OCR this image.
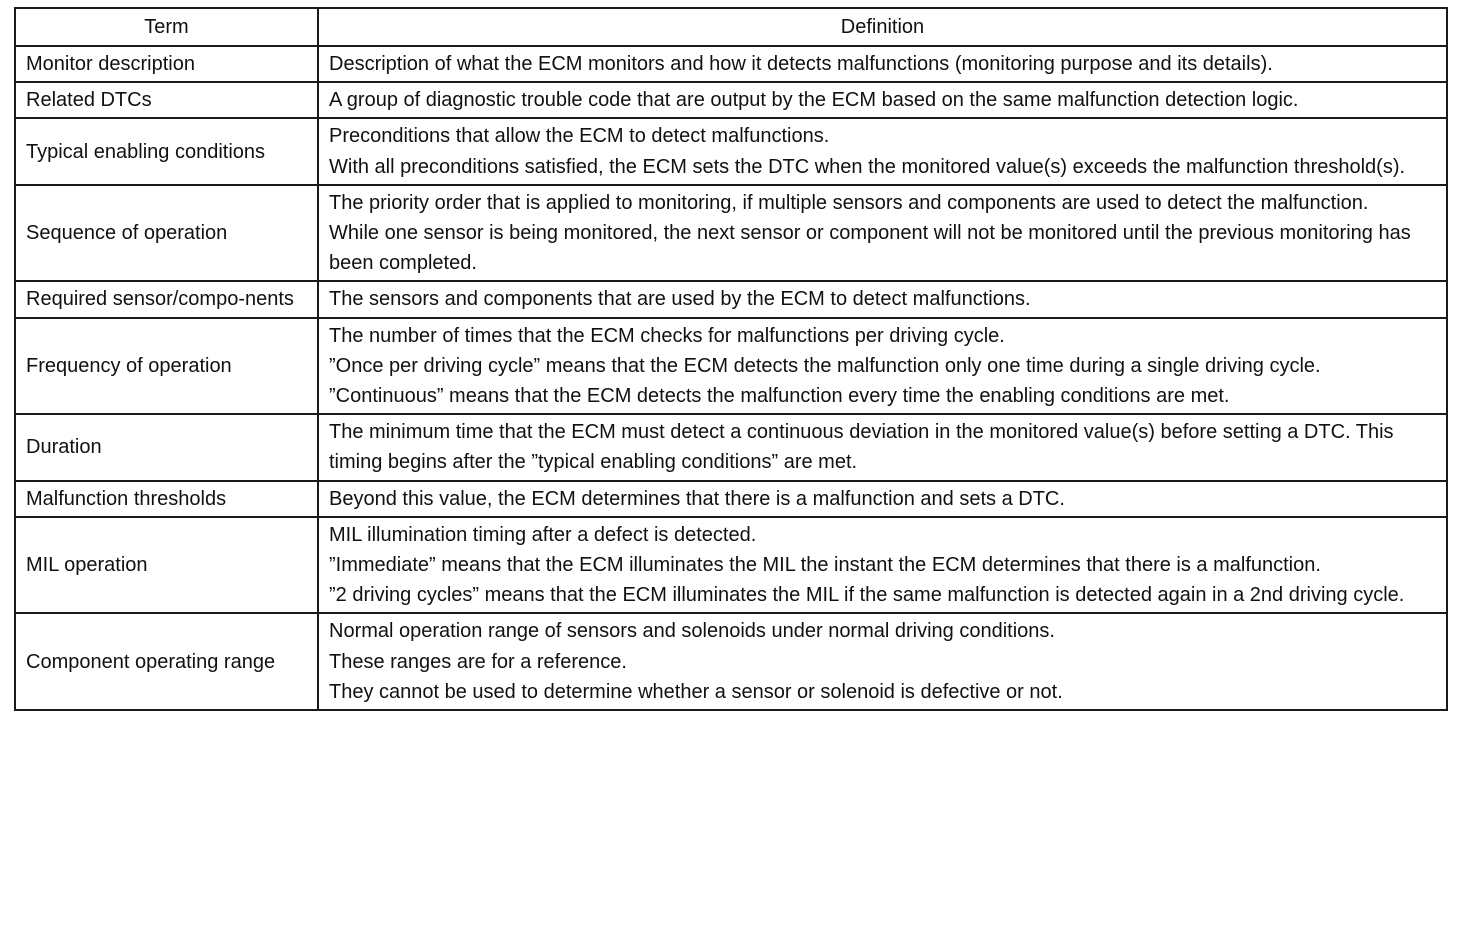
Term	Definition
Monitor description	Description of what the ECM monitors and how it detects malfunctions (monitoring purpose and its details).

Related DTCs	A group of diagnostic trouble code that are output by the ECM based on the same malfunction detection logic.

Typical enabling conditions	Preconditions that allow the ECM to detect malfunctions.
With all preconditions satisfied, the ECM sets the DTC when the monitored value(s) exceeds the malfunction threshold(s).

Sequence of operation	The priority order that is applied to monitoring, if multiple sensors and components are used to detect the malfunction.
While one sensor is being monitored, the next sensor or component will not be monitored until the previous monitoring has been completed.

Required sensor/compo-nents	The sensors and components that are used by the ECM to detect malfunctions.

Frequency of operation	The number of times that the ECM checks for malfunctions per driving cycle.
”Once per driving cycle” means that the ECM detects the malfunction only one time during a single driving cycle.
”Continuous” means that the ECM detects the malfunction every time the enabling conditions are met.

Duration	The minimum time that the ECM must detect a continuous deviation in the monitored value(s) before setting a DTC. This timing begins after the ”typical enabling conditions” are met.

Malfunction thresholds	Beyond this value, the ECM determines that there is a malfunction and sets a DTC.

MIL operation	MIL illumination timing after a defect is detected.
”Immediate” means that the ECM illuminates the MIL the instant the ECM determines that there is a malfunction.
”2 driving cycles” means that the ECM illuminates the MIL if the same malfunction is detected again in a 2nd driving cycle.

Component operating range	Normal operation range of sensors and solenoids under normal driving conditions.
These ranges are for a reference.
They cannot be used to determine whether a sensor or solenoid is defective or not.
